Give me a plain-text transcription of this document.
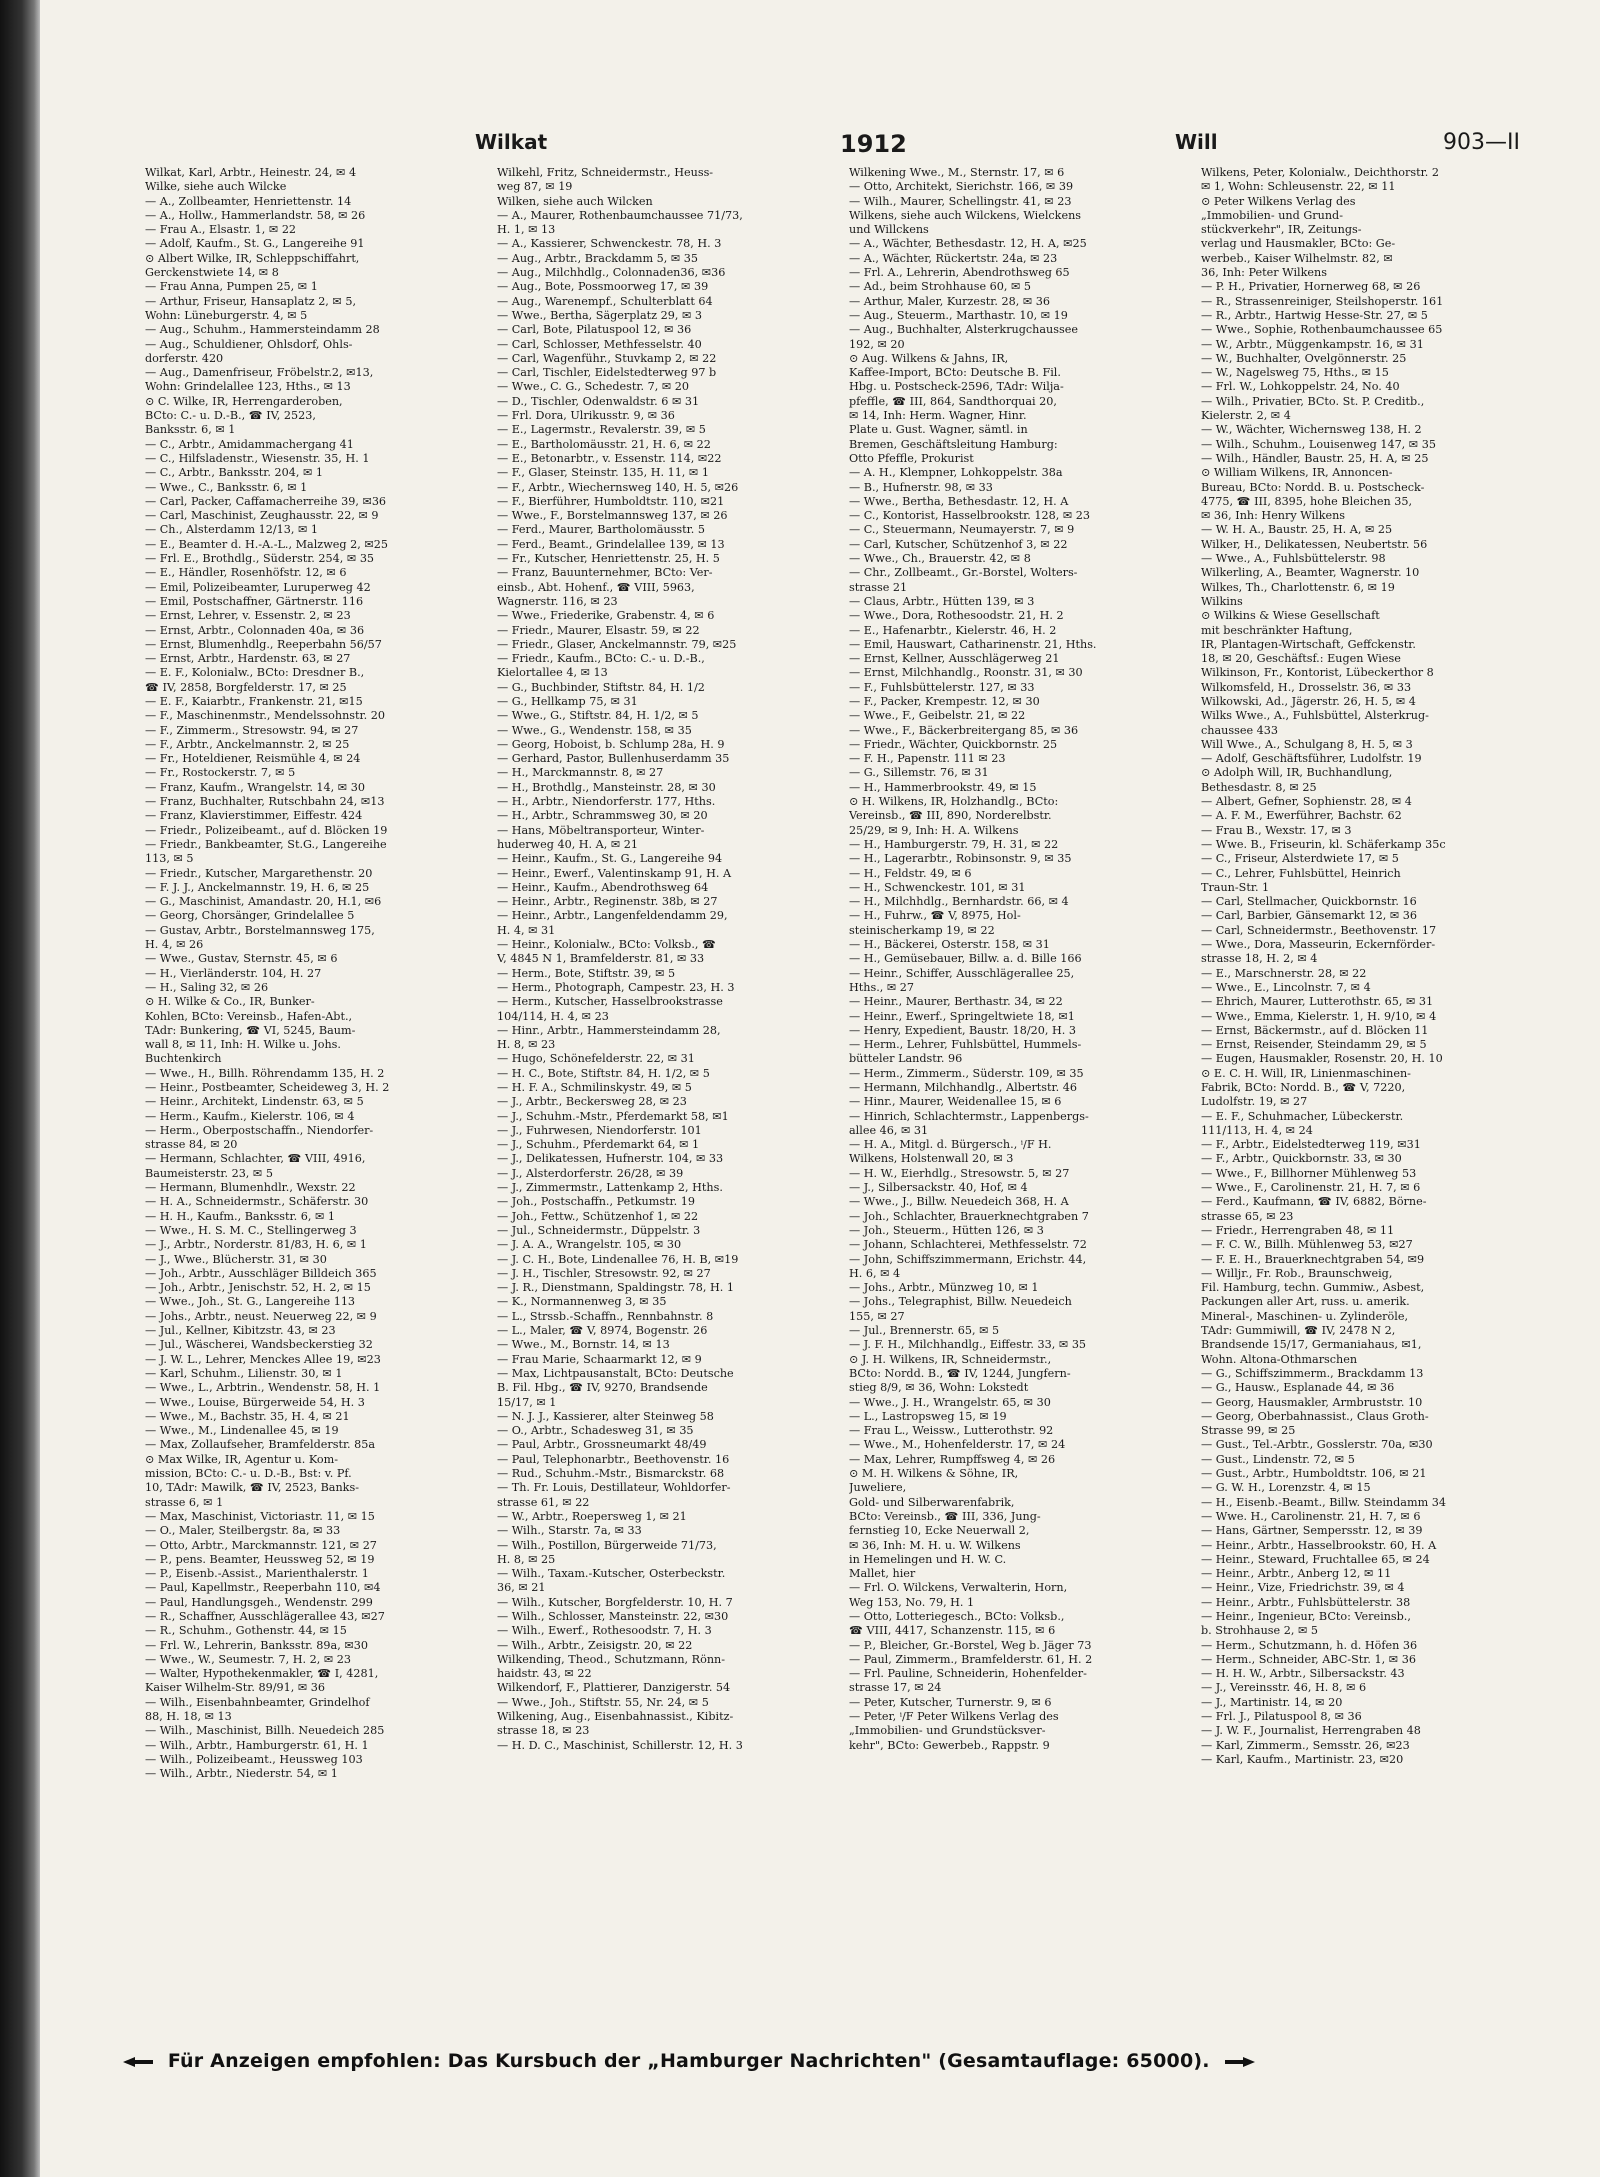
Wilkat	1912	Will	903—II
Wilkat, Karl, Arbtr., Heinestr. 24, ✉ 4
Wilke, siehe auch Wilcke
— A., Zollbeamter, Henriettenstr. 14
— A., Hollw., Hammerlandstr. 58, ✉ 26
— Frau A., Elsastr. 1, ✉ 22
— Adolf, Kaufm., St. G., Langereihe 91
⊙ Albert Wilke, IR, Schleppschiffahrt,
Gerckenstwiete 14, ✉ 8
— Frau Anna, Pumpen 25, ✉ 1
— Arthur, Friseur, Hansaplatz 2, ✉ 5,
Wohn: Lüneburgerstr. 4, ✉ 5
— Aug., Schuhm., Hammersteindamm 28
— Aug., Schuldiener, Ohlsdorf, Ohls-
dorferstr. 420
— Aug., Damenfriseur, Fröbelstr.2, ✉13,
Wohn: Grindelallee 123, Hths., ✉ 13
⊙ C. Wilke, IR, Herrengarderoben,
BCto: C.- u. D.-B., ☎ IV, 2523,
Banksstr. 6, ✉ 1
— C., Arbtr., Amidammachergang 41
— C., Hilfsladenstr., Wiesenstr. 35, H. 1
— C., Arbtr., Banksstr. 204, ✉ 1
— Wwe., C., Banksstr. 6, ✉ 1
— Carl, Packer, Caffamacherreihe 39, ✉36
— Carl, Maschinist, Zeughausstr. 22, ✉ 9
— Ch., Alsterdamm 12/13, ✉ 1
— E., Beamter d. H.-A.-L., Malzweg 2, ✉25
— Frl. E., Brothdlg., Süderstr. 254, ✉ 35
— E., Händler, Rosenhöfstr. 12, ✉ 6
— Emil, Polizeibeamter, Luruperweg 42
— Emil, Postschaffner, Gärtnerstr. 116
— Ernst, Lehrer, v. Essenstr. 2, ✉ 23
— Ernst, Arbtr., Colonnaden 40a, ✉ 36
— Ernst, Blumenhdlg., Reeperbahn 56/57
— Ernst, Arbtr., Hardenstr. 63, ✉ 27
— E. F., Kolonialw., BCto: Dresdner B.,
☎ IV, 2858, Borgfelderstr. 17, ✉ 25
— E. F., Kaiarbtr., Frankenstr. 21, ✉15
— F., Maschinenmstr., Mendelssohnstr. 20
— F., Zimmerm., Stresowstr. 94, ✉ 27
— F., Arbtr., Anckelmannstr. 2, ✉ 25
— Fr., Hoteldiener, Reismühle 4, ✉ 24
— Fr., Rostockerstr. 7, ✉ 5
— Franz, Kaufm., Wrangelstr. 14, ✉ 30
— Franz, Buchhalter, Rutschbahn 24, ✉13
— Franz, Klavierstimmer, Eiffestr. 424
— Friedr., Polizeibeamt., auf d. Blöcken 19
— Friedr., Bankbeamter, St.G., Langereihe
113, ✉ 5
— Friedr., Kutscher, Margarethenstr. 20
— F. J. J., Anckelmannstr. 19, H. 6, ✉ 25
— G., Maschinist, Amandastr. 20, H.1, ✉6
— Georg, Chorsänger, Grindelallee 5
— Gustav, Arbtr., Borstelmannsweg 175,
H. 4, ✉ 26
— Wwe., Gustav, Sternstr. 45, ✉ 6
— H., Vierländerstr. 104, H. 27
— H., Saling 32, ✉ 26
⊙ H. Wilke & Co., IR, Bunker-
Kohlen, BCto: Vereinsb., Hafen-Abt.,
TAdr: Bunkering, ☎ VI, 5245, Baum-
wall 8, ✉ 11, Inh: H. Wilke u. Johs.
Buchtenkirch
— Wwe., H., Billh. Röhrendamm 135, H. 2
— Heinr., Postbeamter, Scheideweg 3, H. 2
— Heinr., Architekt, Lindenstr. 63, ✉ 5
— Herm., Kaufm., Kielerstr. 106, ✉ 4
— Herm., Oberpostschaffn., Niendorfer-
strasse 84, ✉ 20
— Hermann, Schlachter, ☎ VIII, 4916,
Baumeisterstr. 23, ✉ 5
— Hermann, Blumenhdlr., Wexstr. 22
— H. A., Schneidermstr., Schäferstr. 30
— H. H., Kaufm., Banksstr. 6, ✉ 1
— Wwe., H. S. M. C., Stellingerweg 3
— J., Arbtr., Norderstr. 81/83, H. 6, ✉ 1
— J., Wwe., Blücherstr. 31, ✉ 30
— Joh., Arbtr., Ausschläger Billdeich 365
— Joh., Arbtr., Jenischstr. 52, H. 2, ✉ 15
— Wwe., Joh., St. G., Langereihe 113
— Johs., Arbtr., neust. Neuerweg 22, ✉ 9
— Jul., Kellner, Kibitzstr. 43, ✉ 23
— Jul., Wäscherei, Wandsbeckerstieg 32
— J. W. L., Lehrer, Menckes Allee 19, ✉23
— Karl, Schuhm., Lilienstr. 30, ✉ 1
— Wwe., L., Arbtrin., Wendenstr. 58, H. 1
— Wwe., Louise, Bürgerweide 54, H. 3
— Wwe., M., Bachstr. 35, H. 4, ✉ 21
— Wwe., M., Lindenallee 45, ✉ 19
— Max, Zollaufseher, Bramfelderstr. 85a
⊙ Max Wilke, IR, Agentur u. Kom-
mission, BCto: C.- u. D.-B., Bst: v. Pf.
10, TAdr: Mawilk, ☎ IV, 2523, Banks-
strasse 6, ✉ 1
— Max, Maschinist, Victoriastr. 11, ✉ 15
— O., Maler, Steilbergstr. 8a, ✉ 33
— Otto, Arbtr., Marckmannstr. 121, ✉ 27
— P., pens. Beamter, Heussweg 52, ✉ 19
— P., Eisenb.-Assist., Marienthalerstr. 1
— Paul, Kapellmstr., Reeperbahn 110, ✉4
— Paul, Handlungsgeh., Wendenstr. 299
— R., Schaffner, Ausschlägerallee 43, ✉27
— R., Schuhm., Gothenstr. 44, ✉ 15
— Frl. W., Lehrerin, Banksstr. 89a, ✉30
— Wwe., W., Seumestr. 7, H. 2, ✉ 23
— Walter, Hypothekenmakler, ☎ I, 4281,
Kaiser Wilhelm-Str. 89/91, ✉ 36
— Wilh., Eisenbahnbeamter, Grindelhof
88, H. 18, ✉ 13
— Wilh., Maschinist, Billh. Neuedeich 285
— Wilh., Arbtr., Hamburgerstr. 61, H. 1
— Wilh., Polizeibeamt., Heussweg 103
— Wilh., Arbtr., Niederstr. 54, ✉ 1
Wilkehl, Fritz, Schneidermstr., Heuss-
weg 87, ✉ 19
Wilken, siehe auch Wilcken
— A., Maurer, Rothenbaumchaussee 71/73,
H. 1, ✉ 13
— A., Kassierer, Schwenckestr. 78, H. 3
— Aug., Arbtr., Brackdamm 5, ✉ 35
— Aug., Milchhdlg., Colonnaden36, ✉36
— Aug., Bote, Possmoorweg 17, ✉ 39
— Aug., Warenempf., Schulterblatt 64
— Wwe., Bertha, Sägerplatz 29, ✉ 3
— Carl, Bote, Pilatuspool 12, ✉ 36
— Carl, Schlosser, Methfesselstr. 40
— Carl, Wagenführ., Stuvkamp 2, ✉ 22
— Carl, Tischler, Eidelstedterweg 97 b
— Wwe., C. G., Schedestr. 7, ✉ 20
— D., Tischler, Odenwaldstr. 6 ✉ 31
— Frl. Dora, Ulrikusstr. 9, ✉ 36
— E., Lagermstr., Revalerstr. 39, ✉ 5
— E., Bartholomäusstr. 21, H. 6, ✉ 22
— E., Betonarbtr., v. Essenstr. 114, ✉22
— F., Glaser, Steinstr. 135, H. 11, ✉ 1
— F., Arbtr., Wiechernsweg 140, H. 5, ✉26
— F., Bierführer, Humboldtstr. 110, ✉21
— Wwe., F., Borstelmannsweg 137, ✉ 26
— Ferd., Maurer, Bartholomäusstr. 5
— Ferd., Beamt., Grindelallee 139, ✉ 13
— Fr., Kutscher, Henriettenstr. 25, H. 5
— Franz, Bauunternehmer, BCto: Ver-
einsb., Abt. Hohenf., ☎ VIII, 5963,
Wagnerstr. 116, ✉ 23
— Wwe., Friederike, Grabenstr. 4, ✉ 6
— Friedr., Maurer, Elsastr. 59, ✉ 22
— Friedr., Glaser, Anckelmannstr. 79, ✉25
— Friedr., Kaufm., BCto: C.- u. D.-B.,
Kielortallee 4, ✉ 13
— G., Buchbinder, Stiftstr. 84, H. 1/2
— G., Hellkamp 75, ✉ 31
— Wwe., G., Stiftstr. 84, H. 1/2, ✉ 5
— Wwe., G., Wendenstr. 158, ✉ 35
— Georg, Hoboist, b. Schlump 28a, H. 9
— Gerhard, Pastor, Bullenhuserdamm 35
— H., Marckmannstr. 8, ✉ 27
— H., Brothdlg., Mansteinstr. 28, ✉ 30
— H., Arbtr., Niendorferstr. 177, Hths.
— H., Arbtr., Schrammsweg 30, ✉ 20
— Hans, Möbeltransporteur, Winter-
huderweg 40, H. A, ✉ 21
— Heinr., Kaufm., St. G., Langereihe 94
— Heinr., Ewerf., Valentinskamp 91, H. A
— Heinr., Kaufm., Abendrothsweg 64
— Heinr., Arbtr., Reginenstr. 38b, ✉ 27
— Heinr., Arbtr., Langenfeldendamm 29,
H. 4, ✉ 31
— Heinr., Kolonialw., BCto: Volksb., ☎
V, 4845 N 1, Bramfelderstr. 81, ✉ 33
— Herm., Bote, Stiftstr. 39, ✉ 5
— Herm., Photograph, Campestr. 23, H. 3
— Herm., Kutscher, Hasselbrookstrasse
104/114, H. 4, ✉ 23
— Hinr., Arbtr., Hammersteindamm 28,
H. 8, ✉ 23
— Hugo, Schönefelderstr. 22, ✉ 31
— H. C., Bote, Stiftstr. 84, H. 1/2, ✉ 5
— H. F. A., Schmilinskystr. 49, ✉ 5
— J., Arbtr., Beckersweg 28, ✉ 23
— J., Schuhm.-Mstr., Pferdemarkt 58, ✉1
— J., Fuhrwesen, Niendorferstr. 101
— J., Schuhm., Pferdemarkt 64, ✉ 1
— J., Delikatessen, Hufnerstr. 104, ✉ 33
— J., Alsterdorferstr. 26/28, ✉ 39
— J., Zimmermstr., Lattenkamp 2, Hths.
— Joh., Postschaffn., Petkumstr. 19
— Joh., Fettw., Schützenhof 1, ✉ 22
— Jul., Schneidermstr., Düppelstr. 3
— J. A. A., Wrangelstr. 105, ✉ 30
— J. C. H., Bote, Lindenallee 76, H. B, ✉19
— J. H., Tischler, Stresowstr. 92, ✉ 27
— J. R., Dienstmann, Spaldingstr. 78, H. 1
— K., Normannenweg 3, ✉ 35
— L., Strssb.-Schaffn., Rennbahnstr. 8
— L., Maler, ☎ V, 8974, Bogenstr. 26
— Wwe., M., Bornstr. 14, ✉ 13
— Frau Marie, Schaarmarkt 12, ✉ 9
— Max, Lichtpausanstalt, BCto: Deutsche
B. Fil. Hbg., ☎ IV, 9270, Brandsende
15/17, ✉ 1
— N. J. J., Kassierer, alter Steinweg 58
— O., Arbtr., Schadesweg 31, ✉ 35
— Paul, Arbtr., Grossneumarkt 48/49
— Paul, Telephonarbtr., Beethovenstr. 16
— Rud., Schuhm.-Mstr., Bismarckstr. 68
— Th. Fr. Louis, Destillateur, Wohldorfer-
strasse 61, ✉ 22
— W., Arbtr., Roepersweg 1, ✉ 21
— Wilh., Starstr. 7a, ✉ 33
— Wilh., Postillon, Bürgerweide 71/73,
H. 8, ✉ 25
— Wilh., Taxam.-Kutscher, Osterbeckstr.
36, ✉ 21
— Wilh., Kutscher, Borgfelderstr. 10, H. 7
— Wilh., Schlosser, Mansteinstr. 22, ✉30
— Wilh., Ewerf., Rothesoodstr. 7, H. 3
— Wilh., Arbtr., Zeisigstr. 20, ✉ 22
Wilkending, Theod., Schutzmann, Rönn-
haidstr. 43, ✉ 22
Wilkendorf, F., Plattierer, Danzigerstr. 54
— Wwe., Joh., Stiftstr. 55, Nr. 24, ✉ 5
Wilkening, Aug., Eisenbahnassist., Kibitz-
strasse 18, ✉ 23
— H. D. C., Maschinist, Schillerstr. 12, H. 3
Wilkening Wwe., M., Sternstr. 17, ✉ 6
— Otto, Architekt, Sierichstr. 166, ✉ 39
— Wilh., Maurer, Schellingstr. 41, ✉ 23
Wilkens, siehe auch Wilckens, Wielckens
und Willckens
— A., Wächter, Bethesdastr. 12, H. A, ✉25
— A., Wächter, Rückertstr. 24a, ✉ 23
— Frl. A., Lehrerin, Abendrothsweg 65
— Ad., beim Strohhause 60, ✉ 5
— Arthur, Maler, Kurzestr. 28, ✉ 36
— Aug., Steuerm., Marthastr. 10, ✉ 19
— Aug., Buchhalter, Alsterkrugchaussee
192, ✉ 20
⊙ Aug. Wilkens & Jahns, IR,
Kaffee-Import, BCto: Deutsche B. Fil.
Hbg. u. Postscheck-2596, TAdr: Wilja-
pfeffle, ☎ III, 864, Sandthorquai 20,
✉ 14, Inh: Herm. Wagner, Hinr.
Plate u. Gust. Wagner, sämtl. in
Bremen, Geschäftsleitung Hamburg:
Otto Pfeffle, Prokurist
— A. H., Klempner, Lohkoppelstr. 38a
— B., Hufnerstr. 98, ✉ 33
— Wwe., Bertha, Bethesdastr. 12, H. A
— C., Kontorist, Hasselbrookstr. 128, ✉ 23
— C., Steuermann, Neumayerstr. 7, ✉ 9
— Carl, Kutscher, Schützenhof 3, ✉ 22
— Wwe., Ch., Brauerstr. 42, ✉ 8
— Chr., Zollbeamt., Gr.-Borstel, Wolters-
strasse 21
— Claus, Arbtr., Hütten 139, ✉ 3
— Wwe., Dora, Rothesoodstr. 21, H. 2
— E., Hafenarbtr., Kielerstr. 46, H. 2
— Emil, Hauswart, Catharinenstr. 21, Hths.
— Ernst, Kellner, Ausschlägerweg 21
— Ernst, Milchhandlg., Roonstr. 31, ✉ 30
— F., Fuhlsbüttelerstr. 127, ✉ 33
— F., Packer, Krempestr. 12, ✉ 30
— Wwe., F., Geibelstr. 21, ✉ 22
— Wwe., F., Bäckerbreitergang 85, ✉ 36
— Friedr., Wächter, Quickbornstr. 25
— F. H., Papenstr. 111 ✉ 23
— G., Sillemstr. 76, ✉ 31
— H., Hammerbrookstr. 49, ✉ 15
⊙ H. Wilkens, IR, Holzhandlg., BCto:
Vereinsb., ☎ III, 890, Norderelbstr.
25/29, ✉ 9, Inh: H. A. Wilkens
— H., Hamburgerstr. 79, H. 31, ✉ 22
— H., Lagerarbtr., Robinsonstr. 9, ✉ 35
— H., Feldstr. 49, ✉ 6
— H., Schwenckestr. 101, ✉ 31
— H., Milchhdlg., Bernhardstr. 66, ✉ 4
— H., Fuhrw., ☎ V, 8975, Hol-
steinischerkamp 19, ✉ 22
— H., Bäckerei, Osterstr. 158, ✉ 31
— H., Gemüsebauer, Billw. a. d. Bille 166
— Heinr., Schiffer, Ausschlägerallee 25,
Hths., ✉ 27
— Heinr., Maurer, Berthastr. 34, ✉ 22
— Heinr., Ewerf., Springeltwiete 18, ✉1
— Henry, Expedient, Baustr. 18/20, H. 3
— Herm., Lehrer, Fuhlsbüttel, Hummels-
bütteler Landstr. 96
— Herm., Zimmerm., Süderstr. 109, ✉ 35
— Hermann, Milchhandlg., Albertstr. 46
— Hinr., Maurer, Weidenallee 15, ✉ 6
— Hinrich, Schlachtermstr., Lappenbergs-
allee 46, ✉ 31
— H. A., Mitgl. d. Bürgersch., ⁱ/F H.
Wilkens, Holstenwall 20, ✉ 3
— H. W., Eierhdlg., Stresowstr. 5, ✉ 27
— J., Silbersackstr. 40, Hof, ✉ 4
— Wwe., J., Billw. Neuedeich 368, H. A
— Joh., Schlachter, Brauerknechtgraben 7
— Joh., Steuerm., Hütten 126, ✉ 3
— Johann, Schlachterei, Methfesselstr. 72
— John, Schiffszimmermann, Erichstr. 44,
H. 6, ✉ 4
— Johs., Arbtr., Münzweg 10, ✉ 1
— Johs., Telegraphist, Billw. Neuedeich
155, ✉ 27
— Jul., Brennerstr. 65, ✉ 5
— J. F. H., Milchhandlg., Eiffestr. 33, ✉ 35
⊙ J. H. Wilkens, IR, Schneidermstr.,
BCto: Nordd. B., ☎ IV, 1244, Jungfern-
stieg 8/9, ✉ 36, Wohn: Lokstedt
— Wwe., J. H., Wrangelstr. 65, ✉ 30
— L., Lastropsweg 15, ✉ 19
— Frau L., Weissw., Lutterothstr. 92
— Wwe., M., Hohenfelderstr. 17, ✉ 24
— Max, Lehrer, Rumpffsweg 4, ✉ 26
⊙ M. H. Wilkens & Söhne, IR,
Juweliere,
Gold- und Silberwarenfabrik,
BCto: Vereinsb., ☎ III, 336, Jung-
fernstieg 10, Ecke Neuerwall 2,
✉ 36, Inh: M. H. u. W. Wilkens
in Hemelingen und H. W. C.
Mallet, hier
— Frl. O. Wilckens, Verwalterin, Horn,
Weg 153, No. 79, H. 1
— Otto, Lotteriegesch., BCto: Volksb.,
☎ VIII, 4417, Schanzenstr. 115, ✉ 6
— P., Bleicher, Gr.-Borstel, Weg b. Jäger 73
— Paul, Zimmerm., Bramfelderstr. 61, H. 2
— Frl. Pauline, Schneiderin, Hohenfelder-
strasse 17, ✉ 24
— Peter, Kutscher, Turnerstr. 9, ✉ 6
— Peter, ⁱ/F Peter Wilkens Verlag des
„Immobilien- und Grundstücksver-
kehr", BCto: Gewerbeb., Rappstr. 9
Wilkens, Peter, Kolonialw., Deichthorstr. 2
✉ 1, Wohn: Schleusenstr. 22, ✉ 11
⊙ Peter Wilkens Verlag des
„Immobilien- und Grund-
stückverkehr", IR, Zeitungs-
verlag und Hausmakler, BCto: Ge-
werbeb., Kaiser Wilhelmstr. 82, ✉
36, Inh: Peter Wilkens
— P. H., Privatier, Hornerweg 68, ✉ 26
— R., Strassenreiniger, Steilshoperstr. 161
— R., Arbtr., Hartwig Hesse-Str. 27, ✉ 5
— Wwe., Sophie, Rothenbaumchaussee 65
— W., Arbtr., Müggenkampstr. 16, ✉ 31
— W., Buchhalter, Ovelgönnerstr. 25
— W., Nagelsweg 75, Hths., ✉ 15
— Frl. W., Lohkoppelstr. 24, No. 40
— Wilh., Privatier, BCto. St. P. Creditb.,
Kielerstr. 2, ✉ 4
— W., Wächter, Wichernsweg 138, H. 2
— Wilh., Schuhm., Louisenweg 147, ✉ 35
— Wilh., Händler, Baustr. 25, H. A, ✉ 25
⊙ William Wilkens, IR, Annoncen-
Bureau, BCto: Nordd. B. u. Postscheck-
4775, ☎ III, 8395, hohe Bleichen 35,
✉ 36, Inh: Henry Wilkens
— W. H. A., Baustr. 25, H. A, ✉ 25
Wilker, H., Delikatessen, Neubertstr. 56
— Wwe., A., Fuhlsbüttelerstr. 98
Wilkerling, A., Beamter, Wagnerstr. 10
Wilkes, Th., Charlottenstr. 6, ✉ 19
Wilkins
⊙ Wilkins & Wiese Gesellschaft
mit beschränkter Haftung,
IR, Plantagen-Wirtschaft, Geffckenstr.
18, ✉ 20, Geschäftsf.: Eugen Wiese
Wilkinson, Fr., Kontorist, Lübeckerthor 8
Wilkomsfeld, H., Drosselstr. 36, ✉ 33
Wilkowski, Ad., Jägerstr. 26, H. 5, ✉ 4
Wilks Wwe., A., Fuhlsbüttel, Alsterkrug-
chaussee 433
Will Wwe., A., Schulgang 8, H. 5, ✉ 3
— Adolf, Geschäftsführer, Ludolfstr. 19
⊙ Adolph Will, IR, Buchhandlung,
Bethesdastr. 8, ✉ 25
— Albert, Gefner, Sophienstr. 28, ✉ 4
— A. F. M., Ewerführer, Bachstr. 62
— Frau B., Wexstr. 17, ✉ 3
— Wwe. B., Friseurin, kl. Schäferkamp 35c
— C., Friseur, Alsterdwiete 17, ✉ 5
— C., Lehrer, Fuhlsbüttel, Heinrich
Traun-Str. 1
— Carl, Stellmacher, Quickbornstr. 16
— Carl, Barbier, Gänsemarkt 12, ✉ 36
— Carl, Schneidermstr., Beethovenstr. 17
— Wwe., Dora, Masseurin, Eckernförder-
strasse 18, H. 2, ✉ 4
— E., Marschnerstr. 28, ✉ 22
— Wwe., E., Lincolnstr. 7, ✉ 4
— Ehrich, Maurer, Lutterothstr. 65, ✉ 31
— Wwe., Emma, Kielerstr. 1, H. 9/10, ✉ 4
— Ernst, Bäckermstr., auf d. Blöcken 11
— Ernst, Reisender, Steindamm 29, ✉ 5
— Eugen, Hausmakler, Rosenstr. 20, H. 10
⊙ E. C. H. Will, IR, Linienmaschinen-
Fabrik, BCto: Nordd. B., ☎ V, 7220,
Ludolfstr. 19, ✉ 27
— E. F., Schuhmacher, Lübeckerstr.
111/113, H. 4, ✉ 24
— F., Arbtr., Eidelstedterweg 119, ✉31
— F., Arbtr., Quickbornstr. 33, ✉ 30
— Wwe., F., Billhorner Mühlenweg 53
— Wwe., F., Carolinenstr. 21, H. 7, ✉ 6
— Ferd., Kaufmann, ☎ IV, 6882, Börne-
strasse 65, ✉ 23
— Friedr., Herrengraben 48, ✉ 11
— F. C. W., Billh. Mühlenweg 53, ✉27
— F. E. H., Brauerknechtgraben 54, ✉9
— Willjr., Fr. Rob., Braunschweig,
Fil. Hamburg, techn. Gummiw., Asbest,
Packungen aller Art, russ. u. amerik.
Mineral-, Maschinen- u. Zylinderöle,
TAdr: Gummiwill, ☎ IV, 2478 N 2,
Brandsende 15/17, Germaniahaus, ✉1,
Wohn. Altona-Othmarschen
— G., Schiffszimmerm., Brackdamm 13
— G., Hausw., Esplanade 44, ✉ 36
— Georg, Hausmakler, Armbruststr. 10
— Georg, Oberbahnassist., Claus Groth-
Strasse 99, ✉ 25
— Gust., Tel.-Arbtr., Gosslerstr. 70a, ✉30
— Gust., Lindenstr. 72, ✉ 5
— Gust., Arbtr., Humboldtstr. 106, ✉ 21
— G. W. H., Lorenzstr. 4, ✉ 15
— H., Eisenb.-Beamt., Billw. Steindamm 34
— Wwe. H., Carolinenstr. 21, H. 7, ✉ 6
— Hans, Gärtner, Sempersstr. 12, ✉ 39
— Heinr., Arbtr., Hasselbrookstr. 60, H. A
— Heinr., Steward, Fruchtallee 65, ✉ 24
— Heinr., Arbtr., Anberg 12, ✉ 11
— Heinr., Vize, Friedrichstr. 39, ✉ 4
— Heinr., Arbtr., Fuhlsbüttelerstr. 38
— Heinr., Ingenieur, BCto: Vereinsb.,
b. Strohhause 2, ✉ 5
— Herm., Schutzmann, h. d. Höfen 36
— Herm., Schneider, ABC-Str. 1, ✉ 36
— H. H. W., Arbtr., Silbersackstr. 43
— J., Vereinsstr. 46, H. 8, ✉ 6
— J., Martinistr. 14, ✉ 20
— Frl. J., Pilatuspool 8, ✉ 36
— J. W. F., Journalist, Herrengraben 48
— Karl, Zimmerm., Semsstr. 26, ✉23
— Karl, Kaufm., Martinistr. 23, ✉20
Für Anzeigen empfohlen: Das Kursbuch der „Hamburger Nachrichten" (Gesamtauflage: 65000).
